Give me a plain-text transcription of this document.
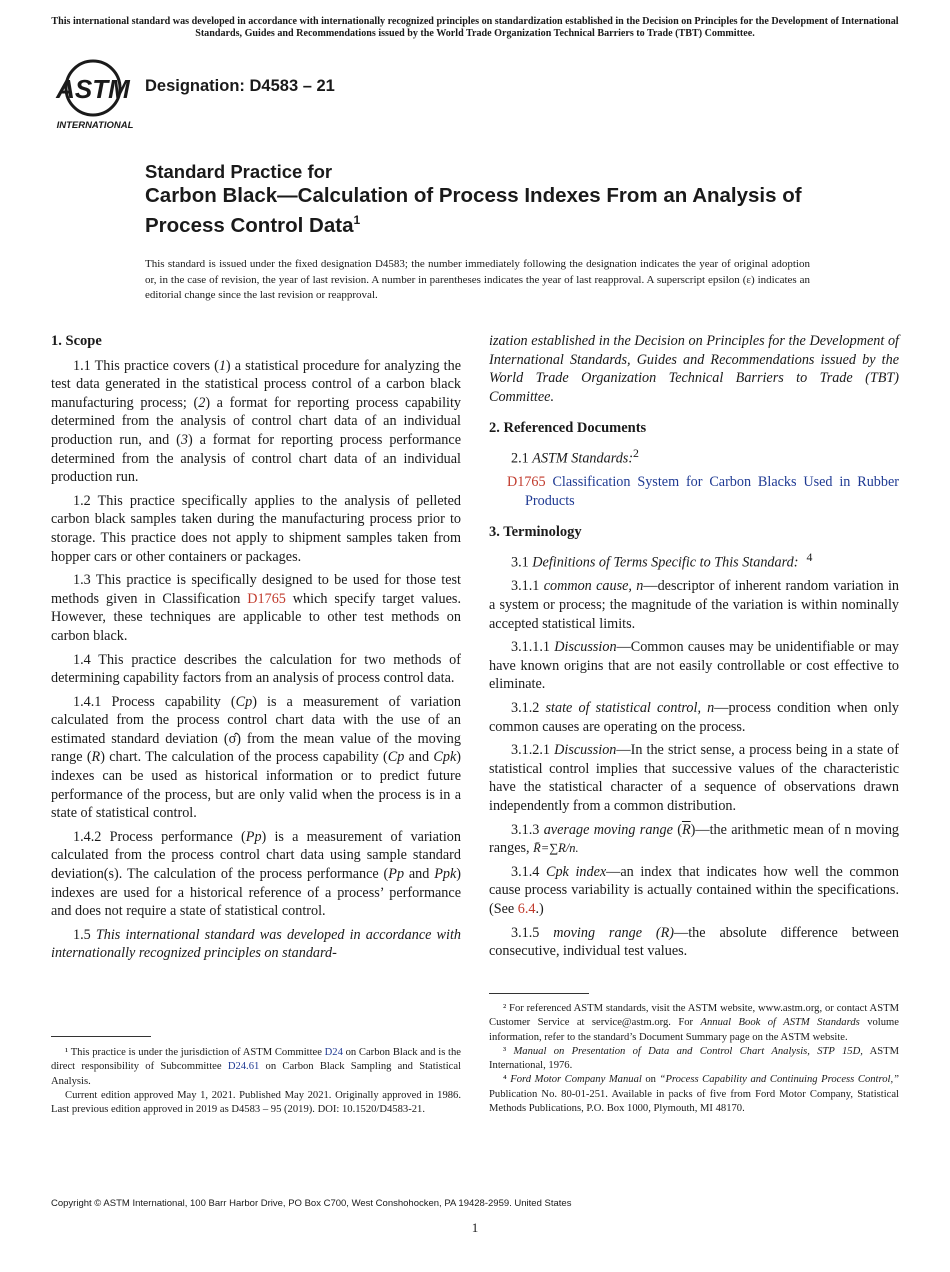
This international standard was developed in accordance with internationally recognized principles on standardization established in the Decision on Principles for the Development of International Standards, Guides and Recommendations issued by the World Trade Organization Technical Barriers to Trade (TBT) Committee.
ASTM
INTERNATIONAL
Designation: D4583 – 21
Standard Practice for
Carbon Black—Calculation of Process Indexes From an Analysis of Process Control Data$^1$
This standard is issued under the fixed designation D4583; the number immediately following the designation indicates the year of original adoption or, in the case of revision, the year of last revision. A number in parentheses indicates the year of last reapproval. A superscript epsilon (ε) indicates an editorial change since the last revision or reapproval.
1. Scope

1.1 This practice covers (1) a statistical procedure for analyzing the test data generated in the statistical process control of a carbon black manufacturing process; (2) a format for reporting process capability determined from the analysis of control chart data of an individual production run, and (3) a format for reporting process performance determined from the analysis of control chart data of an individual production run.

1.2 This practice specifically applies to the analysis of pelleted carbon black samples taken during the manufacturing process prior to storage. This practice does not apply to shipment samples taken from hopper cars or other containers or packages.

1.3 This practice is specifically designed to be used for those test methods given in Classification D1765 which specify target values. However, these techniques are applicable to other test methods on carbon black.

1.4 This practice describes the calculation for two methods of determining capability factors from an analysis of process control data.

1.4.1 Process capability (Cp) is a measurement of variation calculated from the process control chart data with the use of an estimated standard deviation (σ̂) from the mean value of the moving range (R) chart. The calculation of the process capability (Cp and Cpk) indexes can be used as historical information or to predict future performance of the process, but are only valid when the process is in a state of statistical control.

1.4.2 Process performance (Pp) is a measurement of variation calculated from the process control chart data using sample standard deviation(s). The calculation of the process performance (Pp and Ppk) indexes are used for a historical reference of a process’ performance and does not require a state of statistical control.

1.5 This international standard was developed in accordance with internationally recognized principles on standard-

ization established in the Decision on Principles for the Development of International Standards, Guides and Recommendations issued by the World Trade Organization Technical Barriers to Trade (TBT) Committee.

2. Referenced Documents

2.1 ASTM Standards:$^2$

D1765 Classification System for Carbon Blacks Used in Rubber Products

3. Terminology

3.1 Definitions of Terms Specific to This Standard: $^4$

3.1.1 common cause, n—descriptor of inherent random variation in a system or process; the magnitude of the variation is within nominally accepted statistical limits.

3.1.1.1 Discussion—Common causes may be unidentifiable or may have known origins that are not easily controllable or cost effective to eliminate.

3.1.2 state of statistical control, n—process condition when only common causes are operating on the process.

3.1.2.1 Discussion—In the strict sense, a process being in a state of statistical control implies that successive values of the characteristic have the statistical character of a sequence of observations drawn independently from a common distribution.

3.1.3 average moving range $(\overline{R})—the$ arithmetic mean of n moving ranges, R̄=∑R/n.

3.1.4 Cpk index—an index that indicates how well the common cause process variability is actually contained within the specifications. (See 6.4.)

3.1.5 moving range (R)—the absolute difference between consecutive, individual test values.

¹ This practice is under the jurisdiction of ASTM Committee D24 on Carbon Black and is the direct responsibility of Subcommittee D24.61 on Carbon Black Sampling and Statistical Analysis.

Current edition approved May 1, 2021. Published May 2021. Originally approved in 1986. Last previous edition approved in 2019 as D4583 – 95 (2019). DOI: 10.1520/D4583-21.

² For referenced ASTM standards, visit the ASTM website, www.astm.org, or contact ASTM Customer Service at service@astm.org. For Annual Book of ASTM Standards volume information, refer to the standard’s Document Summary page on the ASTM website.

³ Manual on Presentation of Data and Control Chart Analysis, STP 15D, ASTM International, 1976.

⁴ Ford Motor Company Manual on “Process Capability and Continuing Process Control,” Publication No. 80-01-251. Available in packs of five from Ford Motor Company, Statistical Methods Publications, P.O. Box 1000, Plymouth, MI 48170.

Copyright © ASTM International, 100 Barr Harbor Drive, PO Box C700, West Conshohocken, PA 19428-2959. United States
1
